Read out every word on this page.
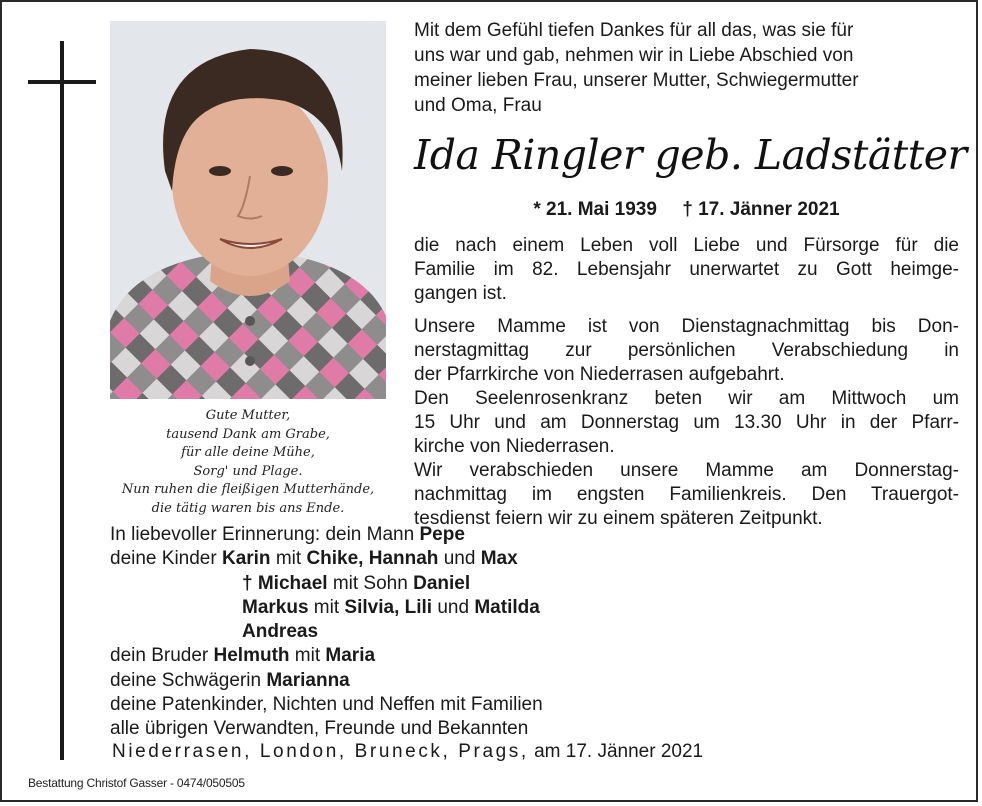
Gute Mutter,
tausend Dank am Grabe,
für alle deine Mühe,
Sorg' und Plage.
Nun ruhen die fleißigen Mutterhände,
die tätig waren bis ans Ende.
Mit dem Gefühl tiefen Dankes für all das, was sie für
uns war und gab, nehmen wir in Liebe Abschied von
meiner lieben Frau, unserer Mutter, Schwiegermutter
und Oma, Frau
Ida Ringler geb. Ladstätter
* 21. Mai 1939 † 17. Jänner 2021
die nach einem Leben voll Liebe und Fürsorge für die
Familie im 82. Lebensjahr unerwartet zu Gott heimge-
gangen ist.
Unsere Mamme ist von Dienstagnachmittag bis Don-
nerstagmittag zur persönlichen Verabschiedung in
der Pfarrkirche von Niederrasen aufgebahrt.
Den Seelenrosenkranz beten wir am Mittwoch um
15 Uhr und am Donnerstag um 13.30 Uhr in der Pfarr-
kirche von Niederrasen.
Wir verabschieden unsere Mamme am Donnerstag-
nachmittag im engsten Familienkreis. Den Trauergot-
tesdienst feiern wir zu einem späteren Zeitpunkt.
In liebevoller Erinnerung: dein Mann Pepe
deine Kinder Karin mit Chike, Hannah und Max
† Michael mit Sohn Daniel
Markus mit Silvia, Lili und Matilda
Andreas
dein Bruder Helmuth mit Maria
deine Schwägerin Marianna
deine Patenkinder, Nichten und Neffen mit Familien
alle übrigen Verwandten, Freunde und Bekannten
Niederrasen, London, Bruneck, Prags, am 17. Jänner 2021
Bestattung Christof Gasser - 0474/050505
